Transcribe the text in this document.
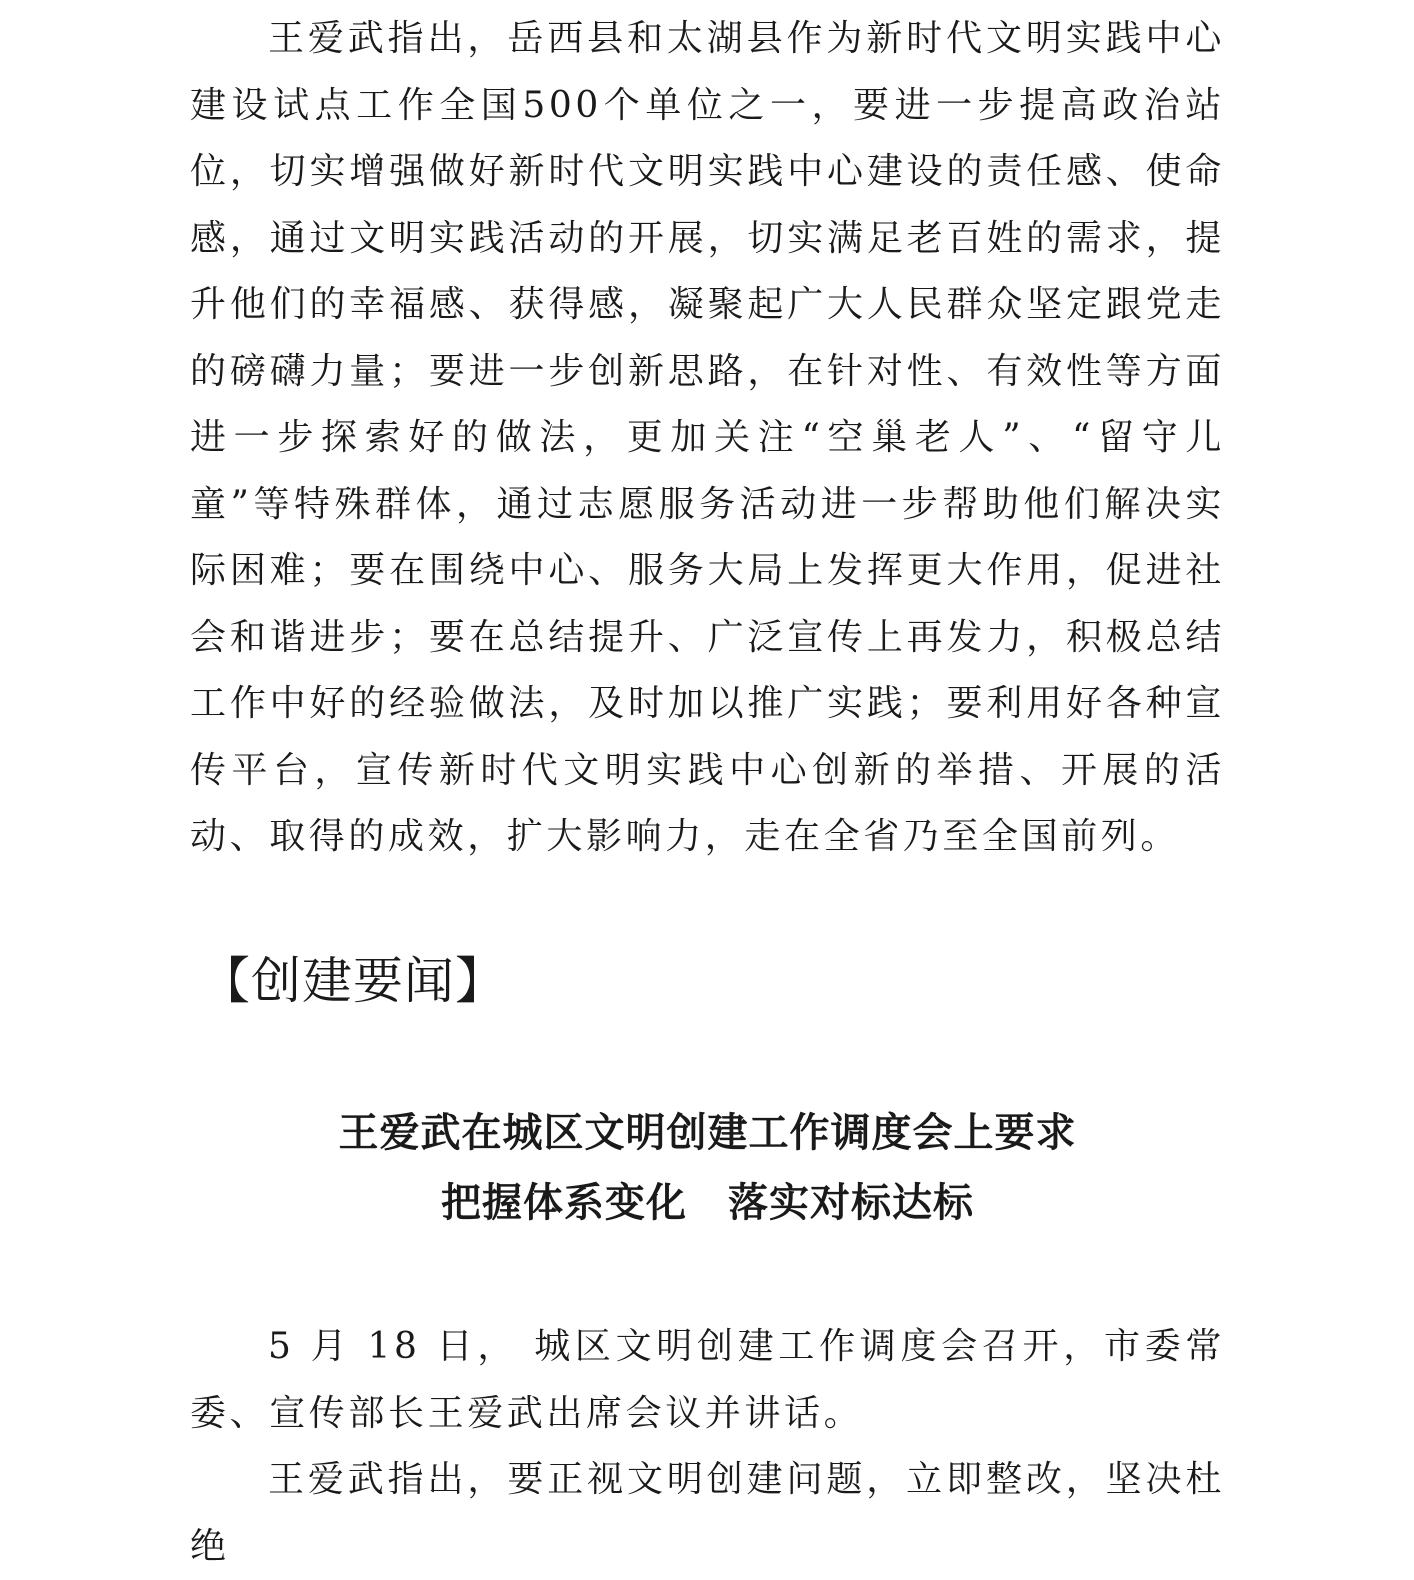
王爱武指出，岳西县和太湖县作为新时代文明实践中心建设试点工作全国500个单位之一，要进一步提高政治站位，切实增强做好新时代文明实践中心建设的责任感、使命感，通过文明实践活动的开展，切实满足老百姓的需求，提升他们的幸福感、获得感，凝聚起广大人民群众坚定跟党走的磅礴力量；要进一步创新思路，在针对性、有效性等方面进一步探索好的做法，更加关注“空巢老人”、“留守儿童”等特殊群体，通过志愿服务活动进一步帮助他们解决实际困难；要在围绕中心、服务大局上发挥更大作用，促进社会和谐进步；要在总结提升、广泛宣传上再发力，积极总结工作中好的经验做法，及时加以推广实践；要利用好各种宣传平台，宣传新时代文明实践中心创新的举措、开展的活动、取得的成效，扩大影响力，走在全省乃至全国前列。

【创建要闻】
王爱武在城区文明创建工作调度会上要求
把握体系变化　落实对标达标

5 月 18 日， 城区文明创建工作调度会召开，市委常委、宣传部长王爱武出席会议并讲话。

王爱武指出，要正视文明创建问题，立即整改，坚决杜绝
